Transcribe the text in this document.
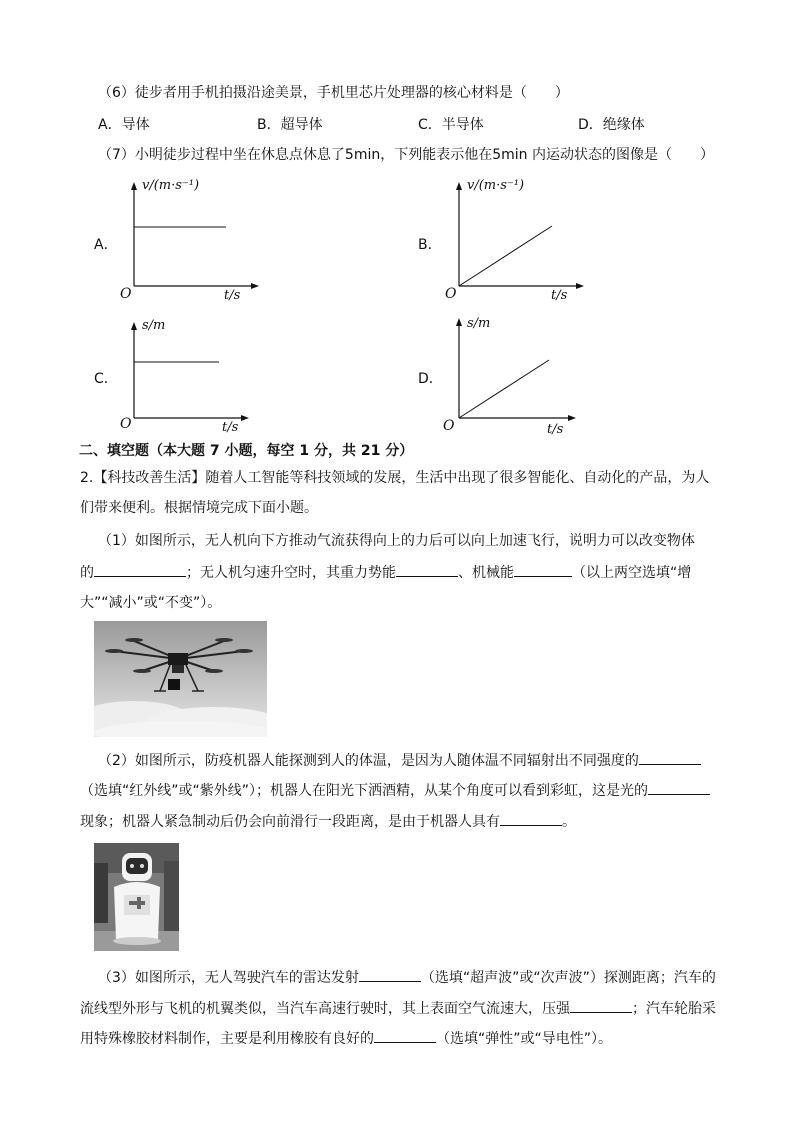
（6）徒步者用手机拍摄沿途美景，手机里芯片处理器的核心材料是（　　）
A．导体	B．超导体	C．半导体	D．绝缘体
（7）小明徒步过程中坐在休息点休息了5min，下列能表示他在5min 内运动状态的图像是（　　）
A．
v/(m·s⁻¹)
O	t/s
B．
v/(m·s⁻¹)
O	t/s
C．
s/m
O	t/s
D．
s/m
O	t/s
二、填空题（本大题 7 小题，每空 1 分，共 21 分）
2.【科技改善生活】随着人工智能等科技领域的发展，生活中出现了很多智能化、自动化的产品，为人
们带来便利。根据情境完成下面小题。
（1）如图所示，无人机向下方推动气流获得向上的力后可以向上加速飞行，说明力可以改变物体
的	；无人机匀速升空时，其重力势能	、机械能	（以上两空选填“增
大”“减小”或“不变”）。
（2）如图所示，防疫机器人能探测到人的体温，是因为人随体温不同辐射出不同强度的
（选填“红外线”或“紫外线”）；机器人在阳光下洒酒精，从某个角度可以看到彩虹，这是光的
现象；机器人紧急制动后仍会向前滑行一段距离，是由于机器人具有	。
（3）如图所示，无人驾驶汽车的雷达发射	（选填“超声波”或“次声波”）探测距离；汽车的
流线型外形与飞机的机翼类似，当汽车高速行驶时，其上表面空气流速大，压强	；汽车轮胎采
用特殊橡胶材料制作，主要是利用橡胶有良好的	（选填“弹性”或“导电性”）。
